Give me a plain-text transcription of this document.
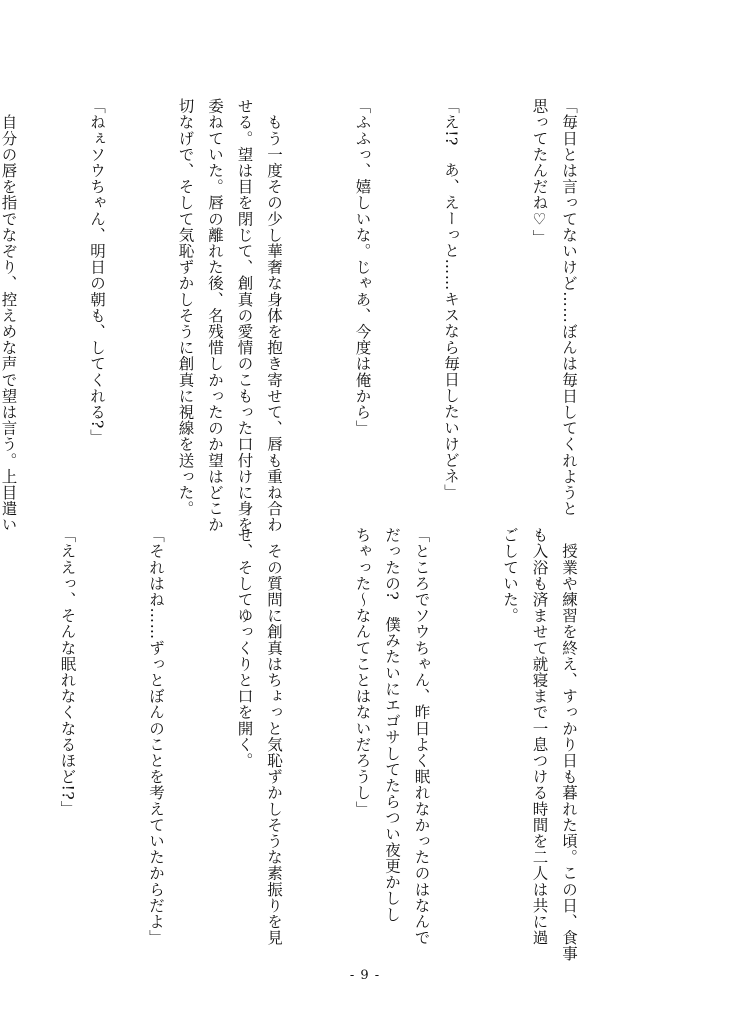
「毎日とは言ってないけど……ぼんは毎日してくれようと
思ってたんだね♡」

「え!?　あ、えーっと……キスなら毎日したいけどネ」

「ふふっ、嬉しいな。じゃあ、今度は俺から」

　もう一度その少し華奢な身体を抱き寄せて、唇も重ね合わ
せる。望は目を閉じて、創真の愛情のこもった口付けに身を
委ねていた。唇の離れた後、名残惜しかったのか望はどこか
切なげで、そして気恥ずかしそうに創真に視線を送った。

「ねぇソウちゃん、明日の朝も、してくれる?」

　自分の唇を指でなぞり、控えめな声で望は言う。上目遣い

　授業や練習を終え、すっかり日も暮れた頃。この日、食事
も入浴も済ませて就寝まで一息つける時間を二人は共に過
ごしていた。

「ところでソウちゃん、昨日よく眠れなかったのはなんで
だったの?　僕みたいにエゴサしてたらつい夜更かしし
ちゃった～なんてことはないだろうし」

　その質問に創真はちょっと気恥ずかしそうな素振りを見
せ、そしてゆっくりと口を開く。

「それはね……ずっとぼんのことを考えていたからだよ」

「ええっ、そんな眠れなくなるほど!?」

- 9 -
